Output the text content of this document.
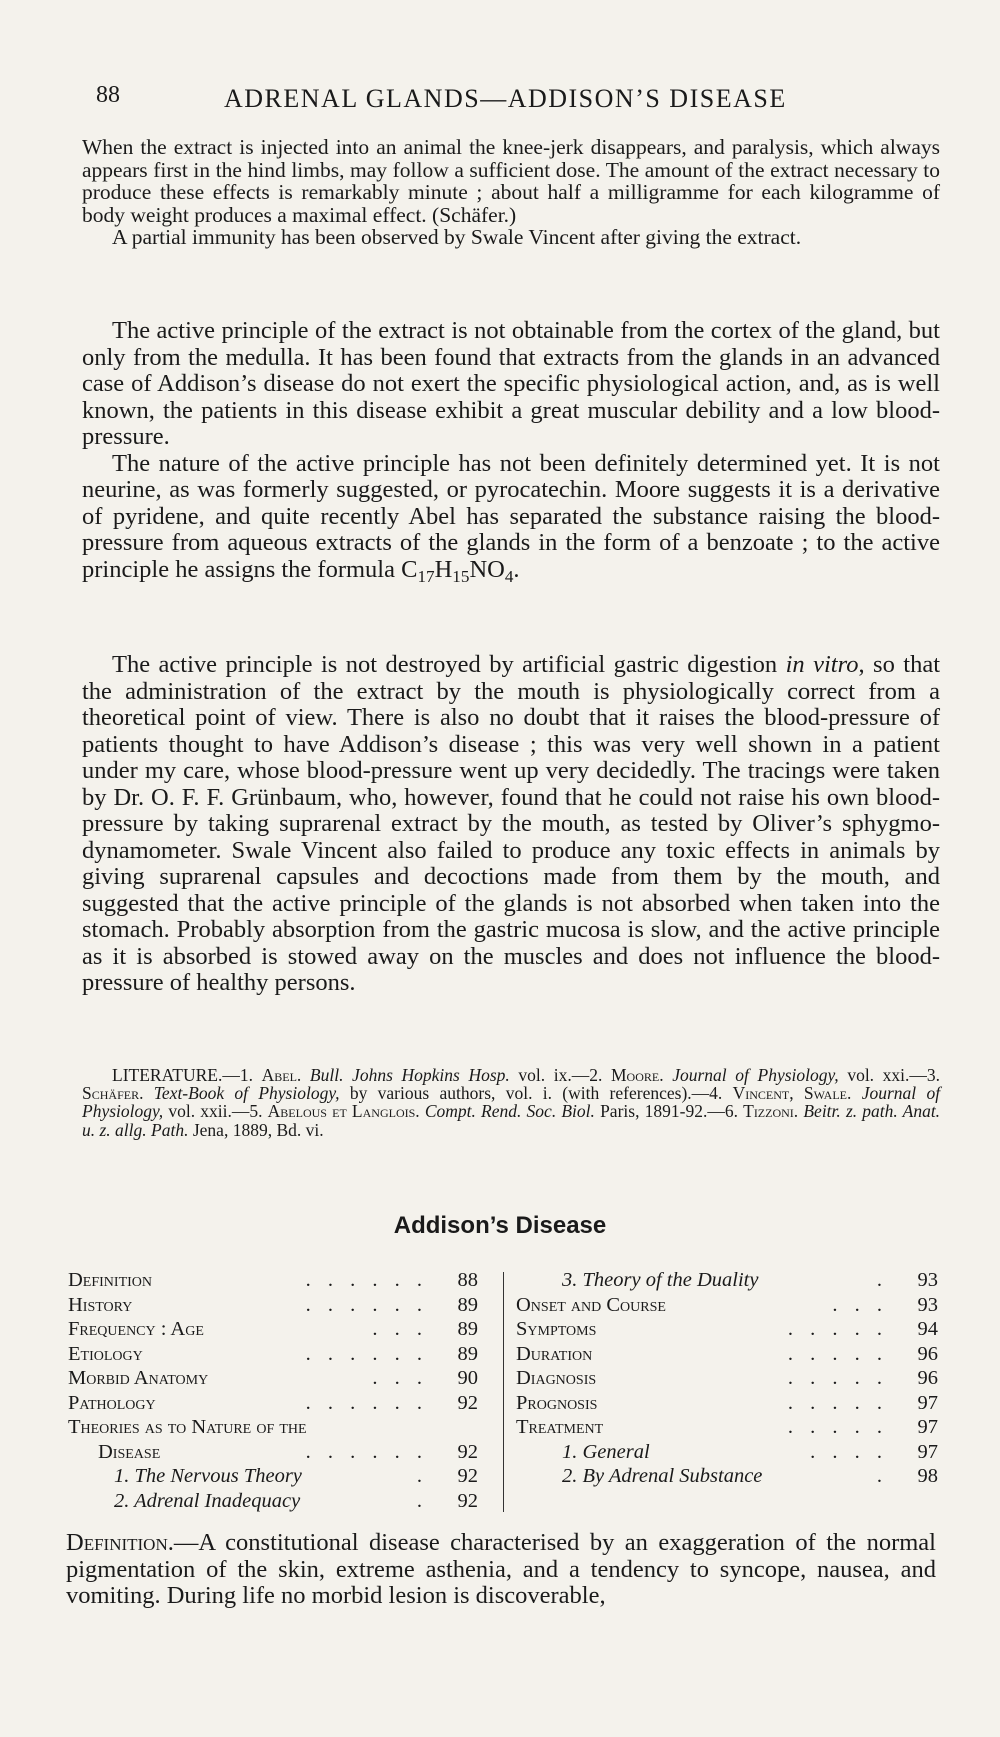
88	ADRENAL GLANDS—ADDISON’S DISEASE

When the extract is injected into an animal the knee-jerk disappears, and paralysis, which always appears first in the hind limbs, may follow a sufficient dose. The amount of the extract necessary to produce these effects is remarkably minute ; about half a milligramme for each kilogramme of body weight produces a maximal effect. (Schäfer.)

A partial immunity has been observed by Swale Vincent after giving the extract.

The active principle of the extract is not obtainable from the cortex of the gland, but only from the medulla. It has been found that extracts from the glands in an advanced case of Addison’s disease do not exert the specific physiological action, and, as is well known, the patients in this disease exhibit a great muscular debility and a low blood-pressure.

The nature of the active principle has not been definitely determined yet. It is not neurine, as was formerly suggested, or pyrocatechin. Moore suggests it is a derivative of pyridene, and quite recently Abel has separated the substance raising the blood-pressure from aqueous extracts of the glands in the form of a benzoate ; to the active principle he assigns the formula $C_{17}H_{15}NO_4$.

The active principle is not destroyed by artificial gastric digestion in vitro, so that the administration of the extract by the mouth is physiologically correct from a theoretical point of view. There is also no doubt that it raises the blood-pressure of patients thought to have Addison’s disease ; this was very well shown in a patient under my care, whose blood-pressure went up very decidedly. The tracings were taken by Dr. O. F. F. Grünbaum, who, however, found that he could not raise his own blood-pressure by taking suprarenal extract by the mouth, as tested by Oliver’s sphygmo-dynamometer. Swale Vincent also failed to produce any toxic effects in animals by giving suprarenal capsules and decoctions made from them by the mouth, and suggested that the active principle of the glands is not absorbed when taken into the stomach. Probably absorption from the gastric mucosa is slow, and the active principle as it is absorbed is stowed away on the muscles and does not influence the blood-pressure of healthy persons.

LITERATURE.—1. Abel. Bull. Johns Hopkins Hosp. vol. ix.—2. Moore. Journal of Physiology, vol. xxi.—3. Schäfer. Text-Book of Physiology, by various authors, vol. i. (with references).—4. Vincent, Swale. Journal of Physiology, vol. xxii.—5. Abelous et Langlois. Compt. Rend. Soc. Biol. Paris, 1891-92.—6. Tizzoni. Beitr. z. path. Anat. u. z. allg. Path. Jena, 1889, Bd. vi.

Addison’s Disease
Definition	88
. . . . . .
History	89
. . . . . .
Frequency : Age	89
. . .
Etiology	89
. . . . . .
Morbid Anatomy	90
. . .
Pathology	92
. . . . . .
Theories as to Nature of the
Disease	92
. . . . . .
1. The Nervous Theory	92
.
2. Adrenal Inadequacy	92
.
3. Theory of the Duality	93
.
Onset and Course	93
. . .
Symptoms	94
. . . . .
Duration	96
. . . . .
Diagnosis	96
. . . . .
Prognosis	97
. . . . .
Treatment	97
. . . . .
1. General	97
. . . .
2. By Adrenal Substance	98
.

Definition.—A constitutional disease characterised by an exaggeration of the normal pigmentation of the skin, extreme asthenia, and a tendency to syncope, nausea, and vomiting. During life no morbid lesion is discoverable,
